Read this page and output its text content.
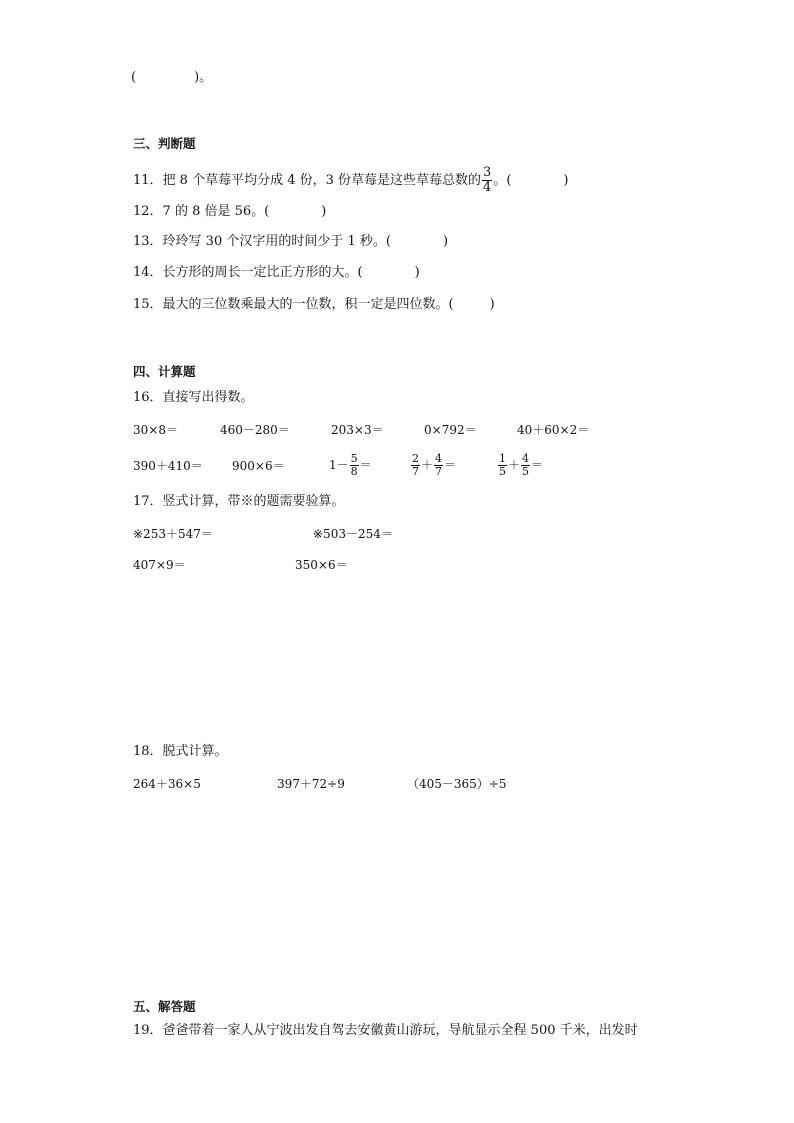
(	)。
三、判断题
11．把 8 个草莓平均分成 4 份，3 份草莓是这些草莓总数的 $\frac{3}{4}$ 。(	)
12．7 的 8 倍是 56。(	)
13．玲玲写 30 个汉字用的时间少于 1 秒。(	)
14．长方形的周长一定比正方形的大。(	)
15．最大的三位数乘最大的一位数，积一定是四位数。(	)
四、计算题
16．直接写出得数。
30×8＝	460－280＝	203×3＝	0×792＝	40＋60×2＝
390＋410＝ 900×6＝	$1- \frac{5}{8}$ ＝	$\frac{2}{7} + \frac{4}{7}$ ＝	$\frac{1}{5} + \frac{4}{5}$ ＝
17．竖式计算，带※的题需要验算。
※253＋547＝	※503－254＝
407×9＝	350×6＝
18．脱式计算。
264＋36×5	397＋72÷9	（405－365）÷5
五、解答题
19．爸爸带着一家人从宁波出发自驾去安徽黄山游玩，导航显示全程 500 千米，出发时
